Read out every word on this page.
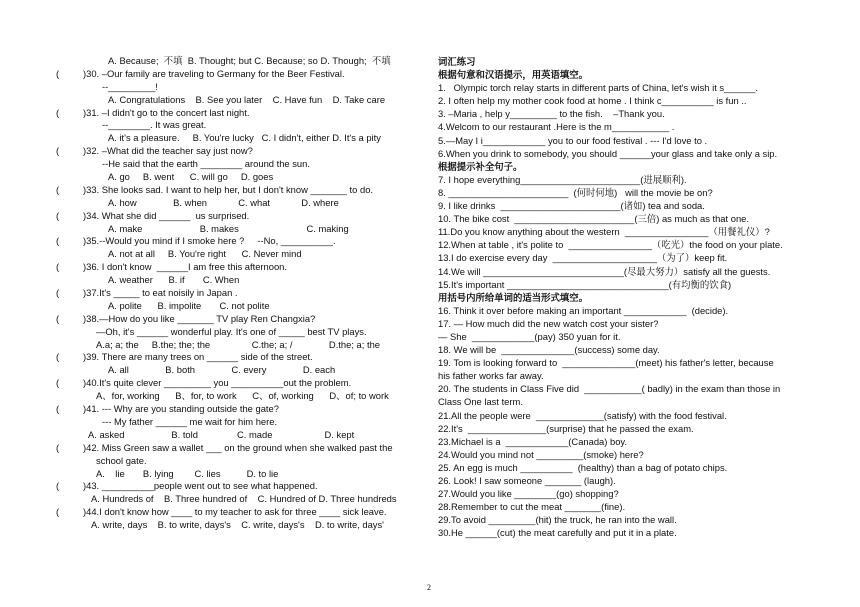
A. Because;  不填  B. Thought; but C. Because; so D. Though;  不填
(	)30. –Our family are traveling to Germany for the Beer Festival.
--_________!
A. Congratulations    B. See you later    C. Have fun    D. Take care
(	)31. –I didn't go to the concert last night.
--________. It was great.
A. it's a pleasure.     B. You're lucky   C. I didn't, either D. It's a pity
(	)32. –What did the teacher say just now?
--He said that the earth ________ around the sun.
A. go     B. went      C. will go     D. goes
(	)33. She looks sad. I want to help her, but I don't know _______ to do.
A. how              B. when            C. what            D. where
(	)34. What she did ______  us surprised.
A. make                      B. makes                          C. making
(	)35.--Would you mind if I smoke here ?     --No, __________.
A. not at all     B. You're right      C. Never mind
(	)36. I don't know  ______I am free this afternoon.
A. weather      B. if       C. When
(	)37.It's _____ to eat noisily in Japan .
A. polite      B. impolite       C. not polite
(	)38.—How do you like _______ TV play Ren Changxia?
—Oh, it's ______ wonderful play. It's one of _____ best TV plays.
A.a; a; the     B.the; the; the                C.the; a; /              D.the; a; the
(	)39. There are many trees on ______ side of the street.
A. all              B. both              C. every              D. each
(	)40.It's quite clever _________ you __________out the problem.
A、for, working      B、for, to work      C、of, working      D、of; to work
(	)41. --- Why are you standing outside the gate?
--- My father ______ me wait for him here.
A. asked                  B. told               C. made                    D. kept
(	)42. Miss Green saw a wallet ___ on the ground when she walked past the
school gate.
A.    lie       B. lying        C. lies          D. to lie
(	)43. __________people went out to see what happened.
A. Hundreds of    B. Three hundred of    C. Hundred of D. Three hundreds
(	)44.I don't know how ____ to my teacher to ask for three ____ sick leave.
A. write, days    B. to write, days's    C. write, days's    D. to write, days'
词汇练习
根据句意和汉语提示，用英语填空。
1.   Olympic torch relay starts in different parts of China, let's wish it s______.
2. I often help my mother cook food at home . I think c__________ is fun ..
3. –Maria , help y_________ to the fish.    –Thank you.
4.Welcom to our restaurant .Here is the m___________ .
5.—May I i____________ you to our food festival . --- I'd love to .
6.When you drink to somebody, you should ______your glass and take only a sip.
根据提示补全句子。
7. I hope everything_______________________(进展顺利).
8. _______________________  (何时何地)   will the movie be on?
9. I like drinks  _______________________(诸如) tea and soda.
10. The bike cost  _______________________(三倍) as much as that one.
11.Do you know anything about the western  ________________（用餐礼仪）?
12.When at table , it's polite to  ________________（吃光）the food on your plate.
13.I do exercise every day  ____________________（为了）keep fit.
14.We will ___________________________(尽最大努力）satisfy all the guests.
15.It's important _______________________________(有均衡的饮食)
用括号内所给单词的适当形式填空。
16. Think it over before making an important ____________  (decide).
17. — How much did the new watch cost your sister?
— She  ____________(pay) 350 yuan for it.
18. We will be  ______________(success) some day.
19. Tom is looking forward to  ______________(meet) his father's letter, because
his father works far away.
20. The students in Class Five did  ___________( badly) in the exam than those in
Class One last term.
21.All the people were  _____________(satisfy) with the food festival.
22.It's  _______________(surprise) that he passed the exam.
23.Michael is a  ____________(Canada) boy.
24.Would you mind not _________(smoke) here?
25. An egg is much __________  (healthy) than a bag of potato chips.
26. Look! I saw someone _______ (laugh).
27.Would you like ________(go) shopping?
28.Remember to cut the meat _______(fine).
29.To avoid _________(hit) the truck, he ran into the wall.
30.He ______(cut) the meat carefully and put it in a plate.
2
